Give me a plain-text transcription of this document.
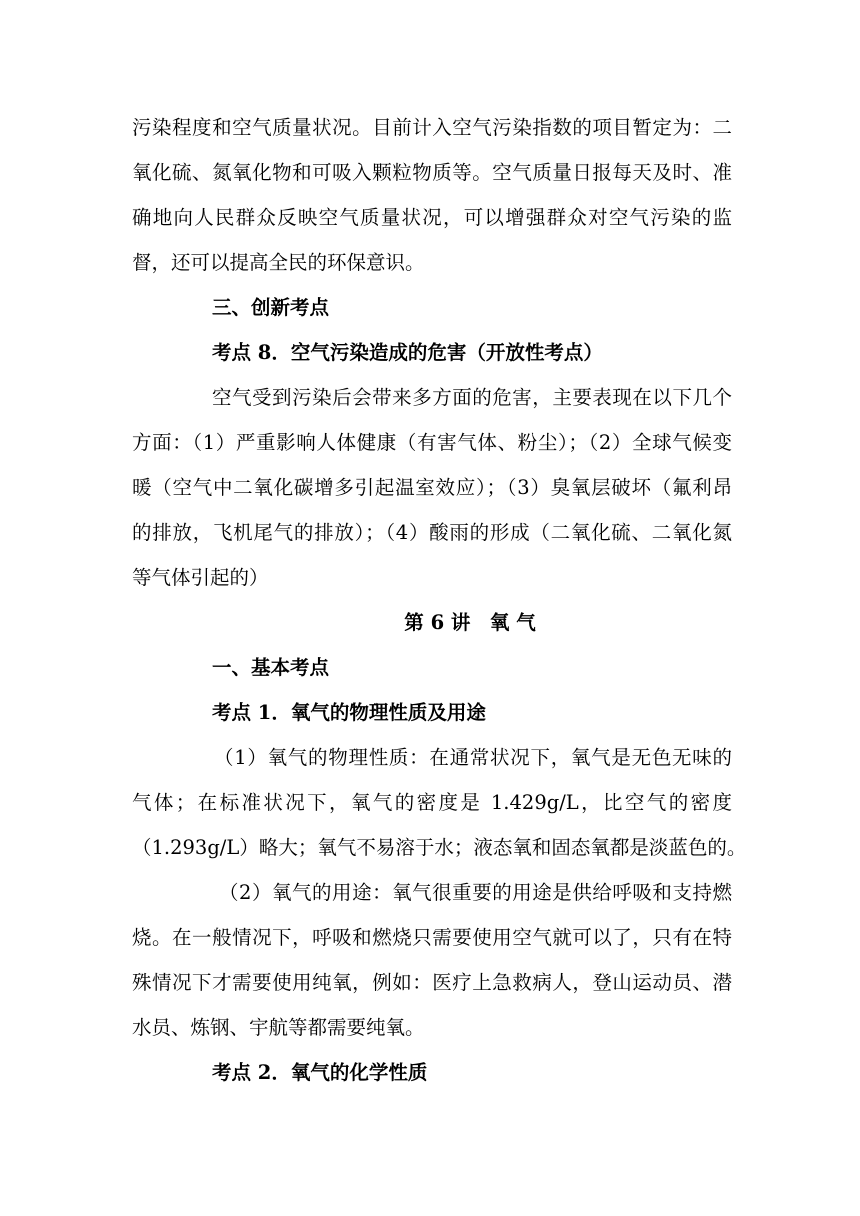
污染程度和空气质量状况。目前计入空气污染指数的项目暂定为：二
氧化硫、氮氧化物和可吸入颗粒物质等。空气质量日报每天及时、准
确地向人民群众反映空气质量状况，可以增强群众对空气污染的监
督，还可以提高全民的环保意识。
三、创新考点
考点 8．空气污染造成的危害（开放性考点）
空气受到污染后会带来多方面的危害，主要表现在以下几个
方面：（1）严重影响人体健康（有害气体、粉尘）；（2）全球气候变
暖（空气中二氧化碳增多引起温室效应）；（3）臭氧层破坏（氟利昂
的排放，飞机尾气的排放）；（4）酸雨的形成（二氧化硫、二氧化氮
等气体引起的）
第 6 讲　氧 气
一、基本考点
考点 1．氧气的物理性质及用途
（1）氧气的物理性质：在通常状况下，氧气是无色无味的
气体；在标准状况下，氧气的密度是 1.429g/L，比空气的密度
（1.293g/L）略大；氧气不易溶于水；液态氧和固态氧都是淡蓝色的。
（2）氧气的用途：氧气很重要的用途是供给呼吸和支持燃
烧。在一般情况下，呼吸和燃烧只需要使用空气就可以了，只有在特
殊情况下才需要使用纯氧，例如：医疗上急救病人，登山运动员、潜
水员、炼钢、宇航等都需要纯氧。
考点 2．氧气的化学性质
